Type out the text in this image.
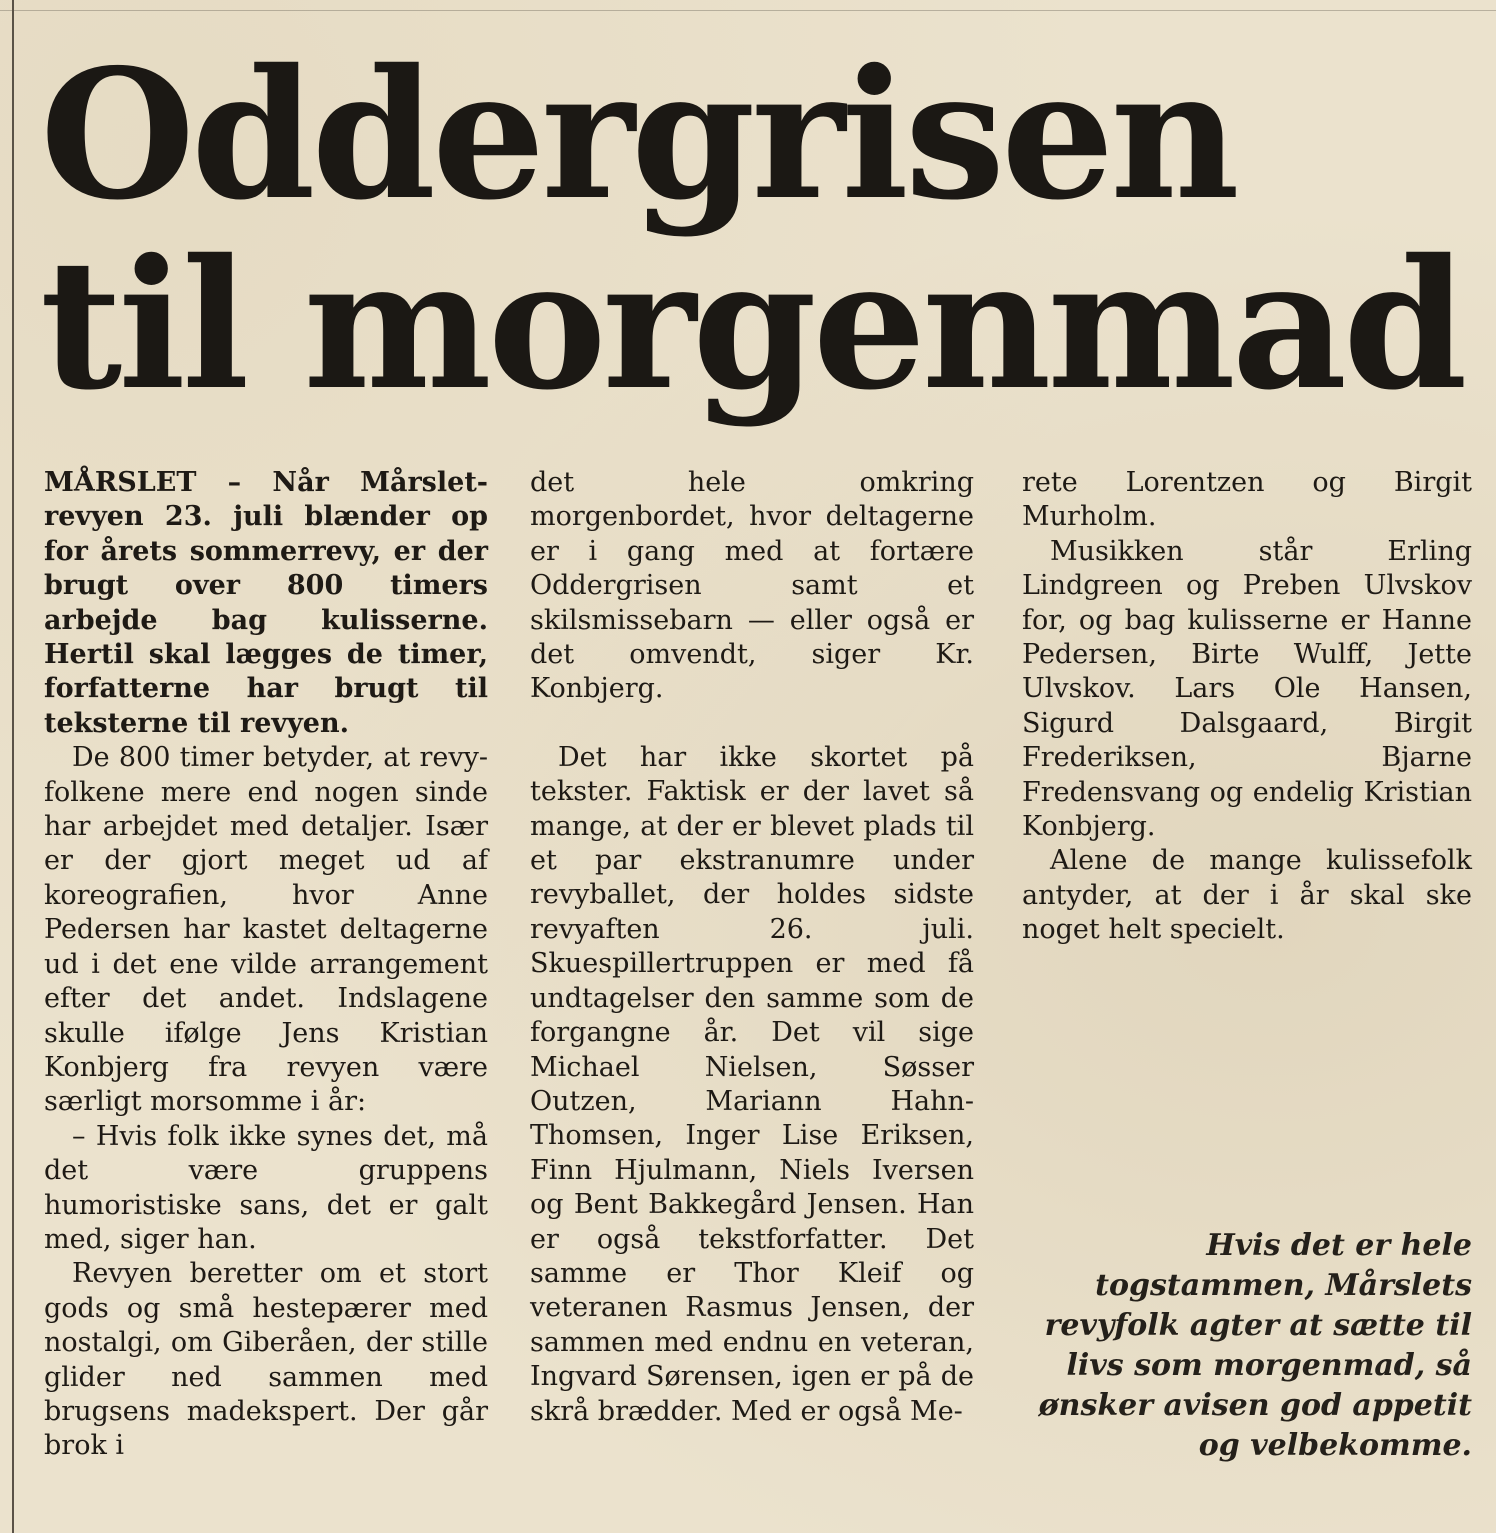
Oddergrisen
til morgenmad

MÅRSLET – Når Mårslet-revyen 23. juli blænder op for årets sommerrevy, er der brugt over 800 timers arbejde bag kulisserne. Hertil skal lægges de timer, forfatterne har brugt til teksterne til revyen.

De 800 timer betyder, at revy-folkene mere end nogen sinde har arbejdet med detaljer. Især er der gjort meget ud af koreografien, hvor Anne Pedersen har kastet deltagerne ud i det ene vilde arrangement efter det andet. Indslagene skulle ifølge Jens Kristian Konbjerg fra revyen være særligt morsomme i år:

– Hvis folk ikke synes det, må det være gruppens humoristiske sans, det er galt med, siger han.

Revyen beretter om et stort gods og små hestepærer med nostalgi, om Giberåen, der stille glider ned sammen med brugsens madekspert. Der går brok i

det hele omkring morgenbordet, hvor deltagerne er i gang med at fortære Oddergrisen samt et skilsmissebarn — eller også er det omvendt, siger Kr. Konbjerg.

Det har ikke skortet på tekster. Faktisk er der lavet så mange, at der er blevet plads til et par ekstranumre under revyballet, der holdes sidste revyaften 26. juli. Skuespillertruppen er med få undtagelser den samme som de forgangne år. Det vil sige Michael Nielsen, Søsser Outzen, Mariann Hahn-Thomsen, Inger Lise Eriksen, Finn Hjulmann, Niels Iversen og Bent Bakkegård Jensen. Han er også tekstforfatter. Det samme er Thor Kleif og veteranen Rasmus Jensen, der sammen med endnu en veteran, Ingvard Sørensen, igen er på de skrå brædder. Med er også Me-

rete Lorentzen og Birgit Murholm.

Musikken står Erling Lindgreen og Preben Ulvskov for, og bag kulisserne er Hanne Pedersen, Birte Wulff, Jette Ulvskov. Lars Ole Hansen, Sigurd Dalsgaard, Birgit Frederiksen, Bjarne Fredensvang og endelig Kristian Konbjerg.

Alene de mange kulissefolk antyder, at der i år skal ske noget helt specielt.

Hvis det er hele togstammen, Mårslets revyfolk agter at sætte til livs som morgenmad, så ønsker avisen god appetit og velbekomme.
